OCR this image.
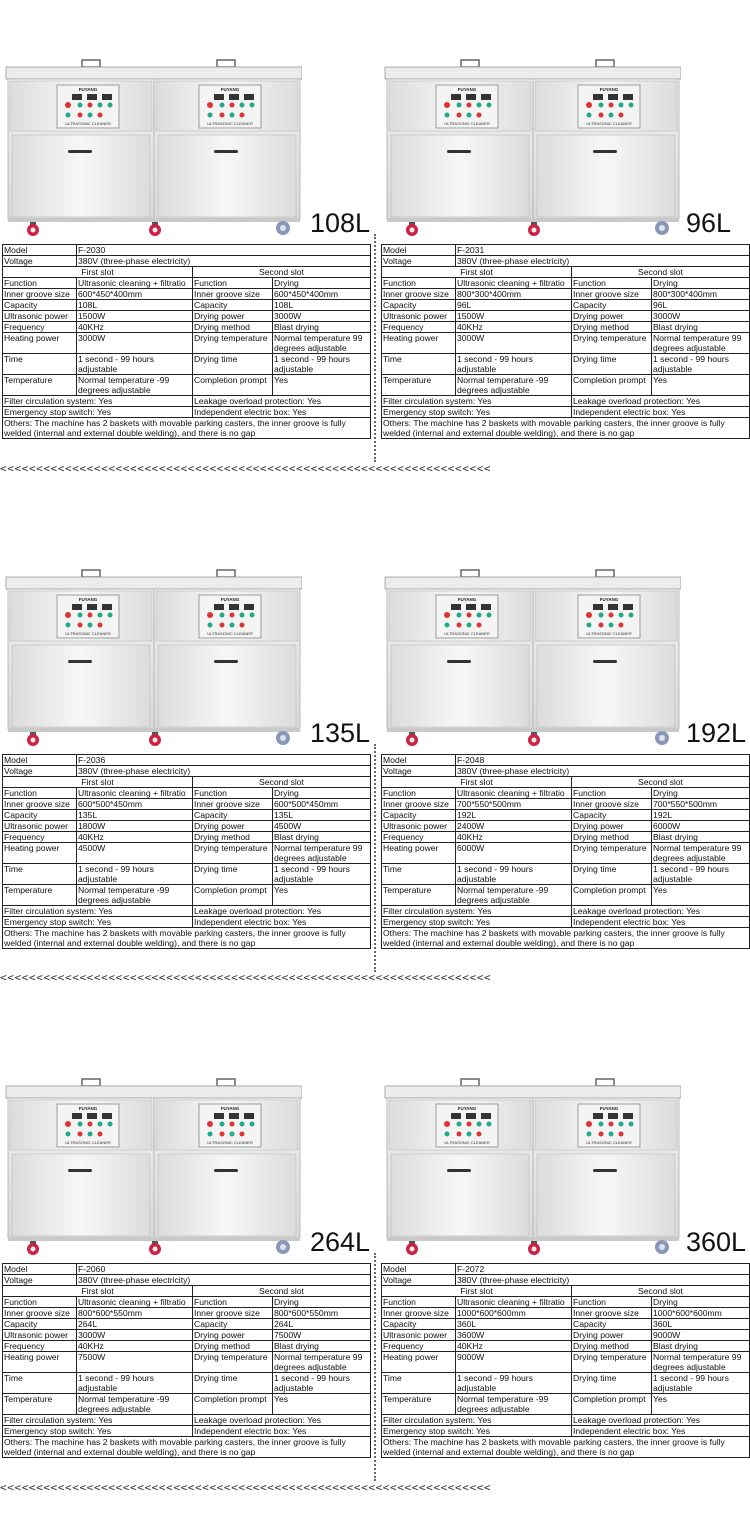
<<<<<<<<<<<<<<<<<<<<<<<<<<<<<<<<<<<<<<<<<<<<<<<<<<<<<<<<<<<<<<<<<<<<
<<<<<<<<<<<<<<<<<<<<<<<<<<<<<<<<<<<<<<<<<<<<<<<<<<<<<<<<<<<<<<<<<<<<
<<<<<<<<<<<<<<<<<<<<<<<<<<<<<<<<<<<<<<<<<<<<<<<<<<<<<<<<<<<<<<<<<<<<
FUYANG
ULTRASONIC CLEANER
FUYANG
ULTRASONIC CLEANER
108L
Model	F-2030
Voltage	380V (three-phase electricity)
First slot	Second slot
Function	Ultrasonic cleaning + filtratio	Function	Drying
Inner groove size	600*450*400mm	Inner groove size	600*450*400mm
Capacity	108L	Capacity	108L
Ultrasonic power	1500W	Drying power	3000W
Frequency	40KHz	Drying method	Blast drying
Heating power	3000W	Drying temperature	Normal temperature 99 degrees adjustable
Time	1 second - 99 hours adjustable	Drying time	1 second - 99 hours adjustable
Temperature	Normal temperature -99 degrees adjustable	Completion prompt	Yes
Filter circulation system: Yes	Leakage overload protection: Yes
Emergency stop switch: Yes	Independent electric box: Yes
Others: The machine has 2 baskets with movable parking casters, the inner groove is fully welded (internal and external double welding), and there is no gap
FUYANG
ULTRASONIC CLEANER
FUYANG
ULTRASONIC CLEANER
96L
Model	F-2031
Voltage	380V (three-phase electricity)
First slot	Second slot
Function	Ultrasonic cleaning + filtratio	Function	Drying
Inner groove size	800*300*400mm	Inner groove size	800*300*400mm
Capacity	96L	Capacity	96L
Ultrasonic power	1500W	Drying power	3000W
Frequency	40KHz	Drying method	Blast drying
Heating power	3000W	Drying temperature	Normal temperature 99 degrees adjustable
Time	1 second - 99 hours adjustable	Drying time	1 second - 99 hours adjustable
Temperature	Normal temperature -99 degrees adjustable	Completion prompt	Yes
Filter circulation system: Yes	Leakage overload protection: Yes
Emergency stop switch: Yes	Independent electric box: Yes
Others: The machine has 2 baskets with movable parking casters, the inner groove is fully welded (internal and external double welding), and there is no gap
FUYANG
ULTRASONIC CLEANER
FUYANG
ULTRASONIC CLEANER
135L
Model	F-2036
Voltage	380V (three-phase electricity)
First slot	Second slot
Function	Ultrasonic cleaning + filtratio	Function	Drying
Inner groove size	600*500*450mm	Inner groove size	600*500*450mm
Capacity	135L	Capacity	135L
Ultrasonic power	1800W	Drying power	4500W
Frequency	40KHz	Drying method	Blast drying
Heating power	4500W	Drying temperature	Normal temperature 99 degrees adjustable
Time	1 second - 99 hours adjustable	Drying time	1 second - 99 hours adjustable
Temperature	Normal temperature -99 degrees adjustable	Completion prompt	Yes
Filter circulation system: Yes	Leakage overload protection: Yes
Emergency stop switch: Yes	Independent electric box: Yes
Others: The machine has 2 baskets with movable parking casters, the inner groove is fully welded (internal and external double welding), and there is no gap
FUYANG
ULTRASONIC CLEANER
FUYANG
ULTRASONIC CLEANER
192L
Model	F-2048
Voltage	380V (three-phase electricity)
First slot	Second slot
Function	Ultrasonic cleaning + filtratio	Function	Drying
Inner groove size	700*550*500mm	Inner groove size	700*550*500mm
Capacity	192L	Capacity	192L
Ultrasonic power	2400W	Drying power	6000W
Frequency	40KHz	Drying method	Blast drying
Heating power	6000W	Drying temperature	Normal temperature 99 degrees adjustable
Time	1 second - 99 hours adjustable	Drying time	1 second - 99 hours adjustable
Temperature	Normal temperature -99 degrees adjustable	Completion prompt	Yes
Filter circulation system: Yes	Leakage overload protection: Yes
Emergency stop switch: Yes	Independent electric box: Yes
Others: The machine has 2 baskets with movable parking casters, the inner groove is fully welded (internal and external double welding), and there is no gap
FUYANG
ULTRASONIC CLEANER
FUYANG
ULTRASONIC CLEANER
264L
Model	F-2060
Voltage	380V (three-phase electricity)
First slot	Second slot
Function	Ultrasonic cleaning + filtratio	Function	Drying
Inner groove size	800*600*550mm	Inner groove size	800*600*550mm
Capacity	264L	Capacity	264L
Ultrasonic power	3000W	Drying power	7500W
Frequency	40KHz	Drying method	Blast drying
Heating power	7500W	Drying temperature	Normal temperature 99 degrees adjustable
Time	1 second - 99 hours adjustable	Drying time	1 second - 99 hours adjustable
Temperature	Normal temperature -99 degrees adjustable	Completion prompt	Yes
Filter circulation system: Yes	Leakage overload protection: Yes
Emergency stop switch: Yes	Independent electric box: Yes
Others: The machine has 2 baskets with movable parking casters, the inner groove is fully welded (internal and external double welding), and there is no gap
FUYANG
ULTRASONIC CLEANER
FUYANG
ULTRASONIC CLEANER
360L
Model	F-2072
Voltage	380V (three-phase electricity)
First slot	Second slot
Function	Ultrasonic cleaning + filtratio	Function	Drying
Inner groove size	1000*600*600mm	Inner groove size	1000*600*600mm
Capacity	360L	Capacity	360L
Ultrasonic power	3600W	Drying power	9000W
Frequency	40KHz	Drying method	Blast drying
Heating power	9000W	Drying temperature	Normal temperature 99 degrees adjustable
Time	1 second - 99 hours adjustable	Drying time	1 second - 99 hours adjustable
Temperature	Normal temperature -99 degrees adjustable	Completion prompt	Yes
Filter circulation system: Yes	Leakage overload protection: Yes
Emergency stop switch: Yes	Independent electric box: Yes
Others: The machine has 2 baskets with movable parking casters, the inner groove is fully welded (internal and external double welding), and there is no gap
